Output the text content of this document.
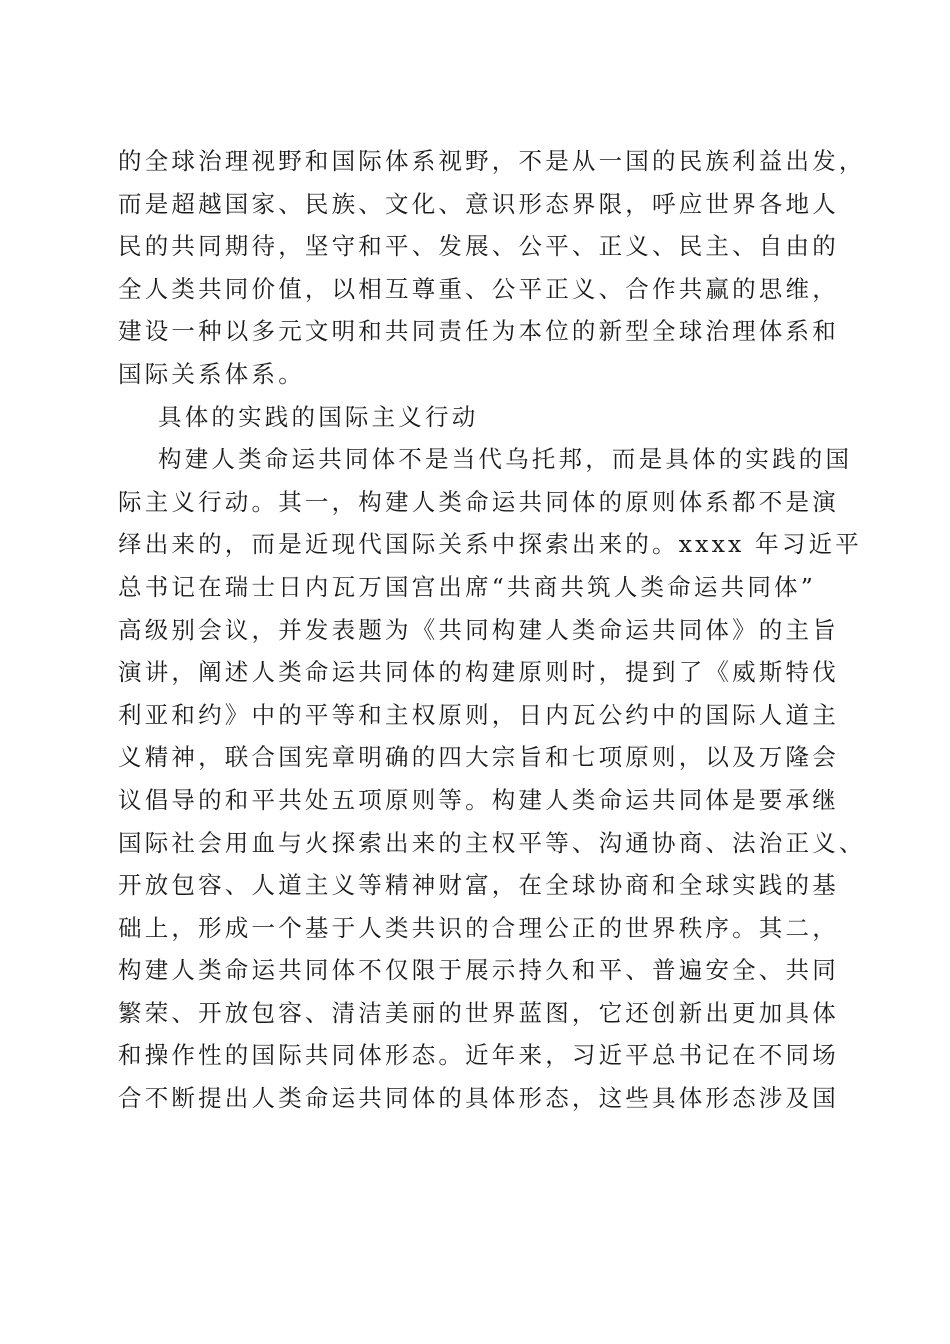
的全球治理视野和国际体系视野，不是从一国的民族利益出发，
而是超越国家、民族、文化、意识形态界限，呼应世界各地人
民的共同期待，坚守和平、发展、公平、正义、民主、自由的
全人类共同价值，以相互尊重、公平正义、合作共赢的思维，
建设一种以多元文明和共同责任为本位的新型全球治理体系和
国际关系体系。
具体的实践的国际主义行动
构建人类命运共同体不是当代乌托邦，而是具体的实践的国
际主义行动。其一，构建人类命运共同体的原则体系都不是演
绎出来的，而是近现代国际关系中探索出来的。xxxx 年习近平
总书记在瑞士日内瓦万国宫出席“共商共筑人类命运共同体”
高级别会议，并发表题为《共同构建人类命运共同体》的主旨
演讲，阐述人类命运共同体的构建原则时，提到了《威斯特伐
利亚和约》中的平等和主权原则，日内瓦公约中的国际人道主
义精神，联合国宪章明确的四大宗旨和七项原则，以及万隆会
议倡导的和平共处五项原则等。构建人类命运共同体是要承继
国际社会用血与火探索出来的主权平等、沟通协商、法治正义、
开放包容、人道主义等精神财富，在全球协商和全球实践的基
础上，形成一个基于人类共识的合理公正的世界秩序。其二，
构建人类命运共同体不仅限于展示持久和平、普遍安全、共同
繁荣、开放包容、清洁美丽的世界蓝图，它还创新出更加具体
和操作性的国际共同体形态。近年来，习近平总书记在不同场
合不断提出人类命运共同体的具体形态，这些具体形态涉及国
